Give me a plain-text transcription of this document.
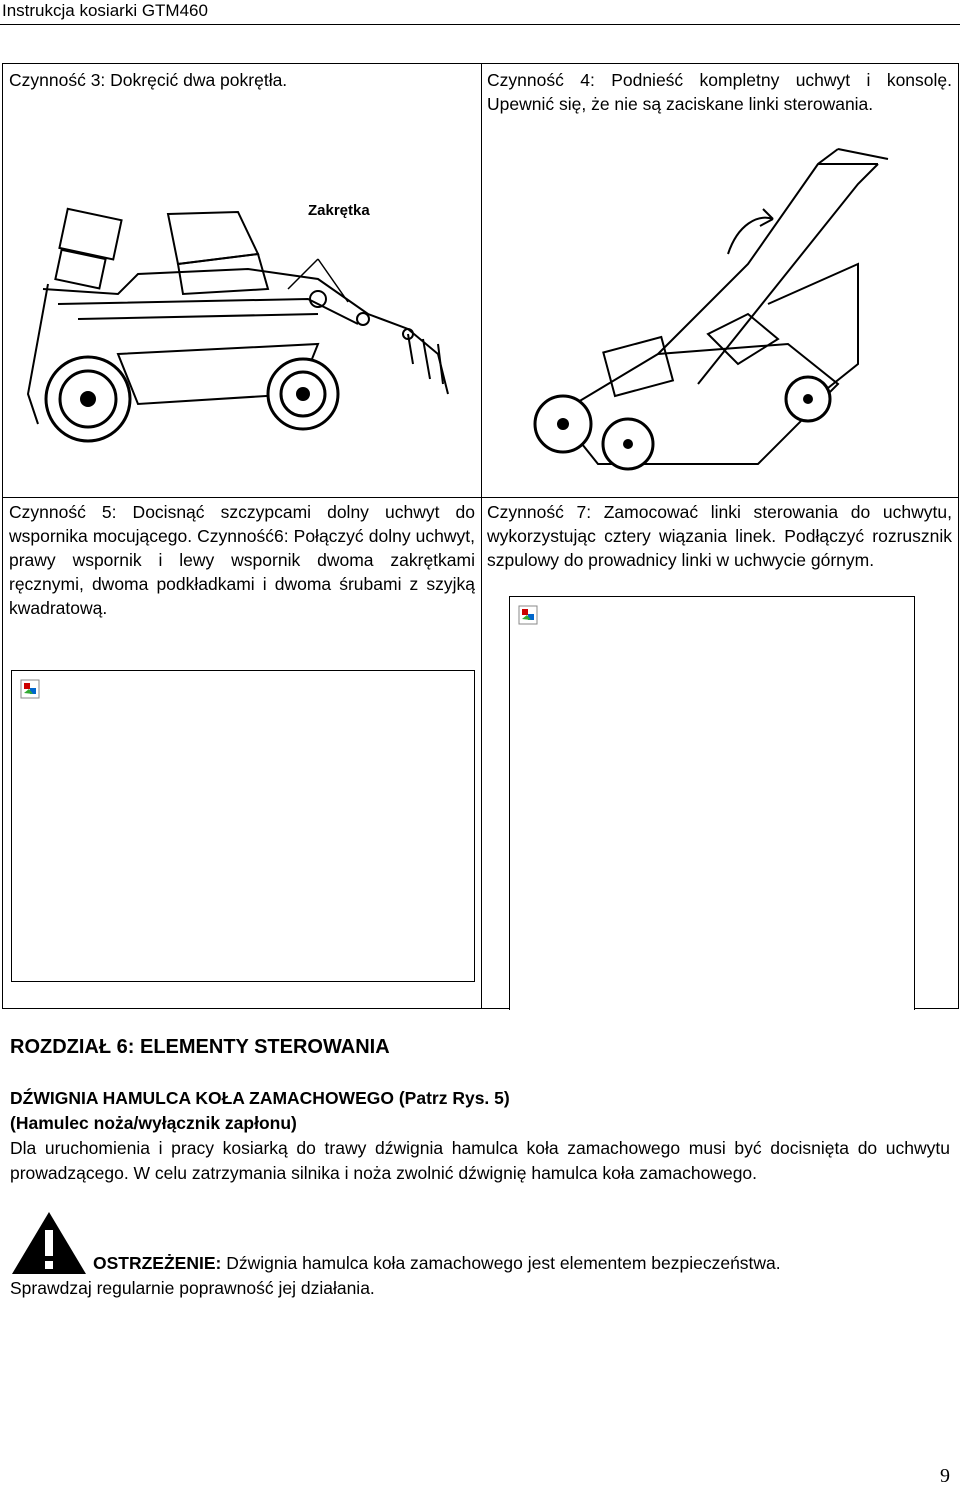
Instrukcja kosiarki GTM460
Czynność 3: Dokręcić dwa pokrętła.
Zakrętka
Czynność 4: Podnieść kompletny uchwyt i konsolę. Upewnić się, że nie są zaciskane linki sterowania.
Czynność 5: Docisnąć szczypcami dolny uchwyt do wspornika mocującego. Czynność6: Połączyć dolny uchwyt, prawy wspornik i lewy wspornik dwoma zakrętkami ręcznymi, dwoma podkładkami i dwoma śrubami z szyjką kwadratową.
Czynność 7: Zamocować linki sterowania do uchwytu, wykorzystując cztery wiązania linek. Podłączyć rozrusznik szpulowy do prowadnicy linki w uchwycie górnym.
ROZDZIAŁ 6: ELEMENTY STEROWANIA
DŹWIGNIA HAMULCA KOŁA ZAMACHOWEGO (Patrz Rys. 5)
(Hamulec noża/wyłącznik zapłonu)
Dla uruchomienia i pracy kosiarką do trawy dźwignia hamulca koła zamachowego musi być docisnięta do uchwytu prowadzącego. W celu zatrzymania silnika i noża zwolnić dźwignię hamulca koła zamachowego.
OSTRZEŻENIE: Dźwignia hamulca koła zamachowego jest elementem bezpieczeństwa.
Sprawdzaj regularnie poprawność jej działania.
9
